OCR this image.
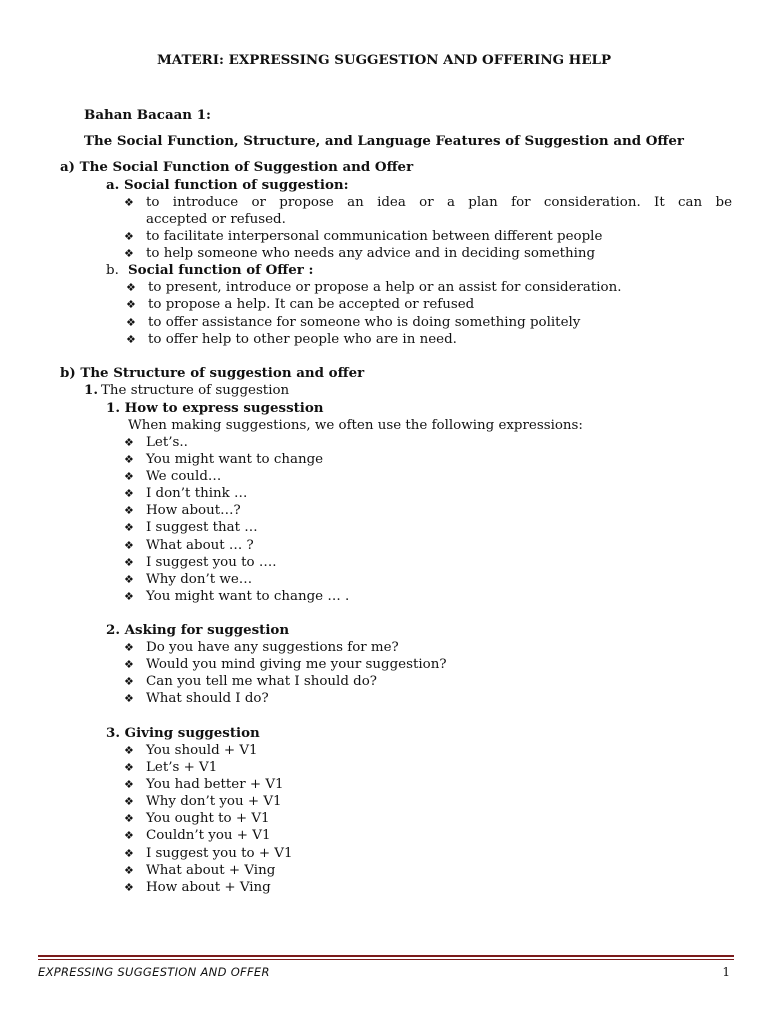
MATERI: EXPRESSING SUGGESTION AND OFFERING HELP
Bahan Bacaan 1:
The Social Function, Structure, and Language Features of Suggestion and Offer
a) The Social Function of Suggestion and Offer
a. Social function of suggestion:
❖ to introduce or propose an idea or a plan for consideration. It can be
accepted or refused.
❖ to facilitate interpersonal communication between different people
❖ to help someone who needs any advice and in deciding something
b. Social function of Offer :
❖ to present, introduce or propose a help or an assist for consideration.
❖ to propose a help. It can be accepted or refused
❖ to offer assistance for someone who is doing something politely
❖ to offer help to other people who are in need.
b) The Structure of suggestion and offer
1. The structure of suggestion
1. How to express sugesstion
When making suggestions, we often use the following expressions:
❖ Let’s..
❖ You might want to change
❖ We could…
❖ I don’t think …
❖ How about…?
❖ I suggest that …
❖ What about … ?
❖ I suggest you to ….
❖ Why don’t we…
❖ You might want to change … .
2. Asking for suggestion
❖ Do you have any suggestions for me?
❖ Would you mind giving me your suggestion?
❖ Can you tell me what I should do?
❖ What should I do?
3. Giving suggestion
❖ You should + V1
❖ Let’s + V1
❖ You had better + V1
❖ Why don’t you + V1
❖ You ought to + V1
❖ Couldn’t you + V1
❖ I suggest you to + V1
❖ What about + Ving
❖ How about + Ving
EXPRESSING SUGGESTION AND OFFER	1
